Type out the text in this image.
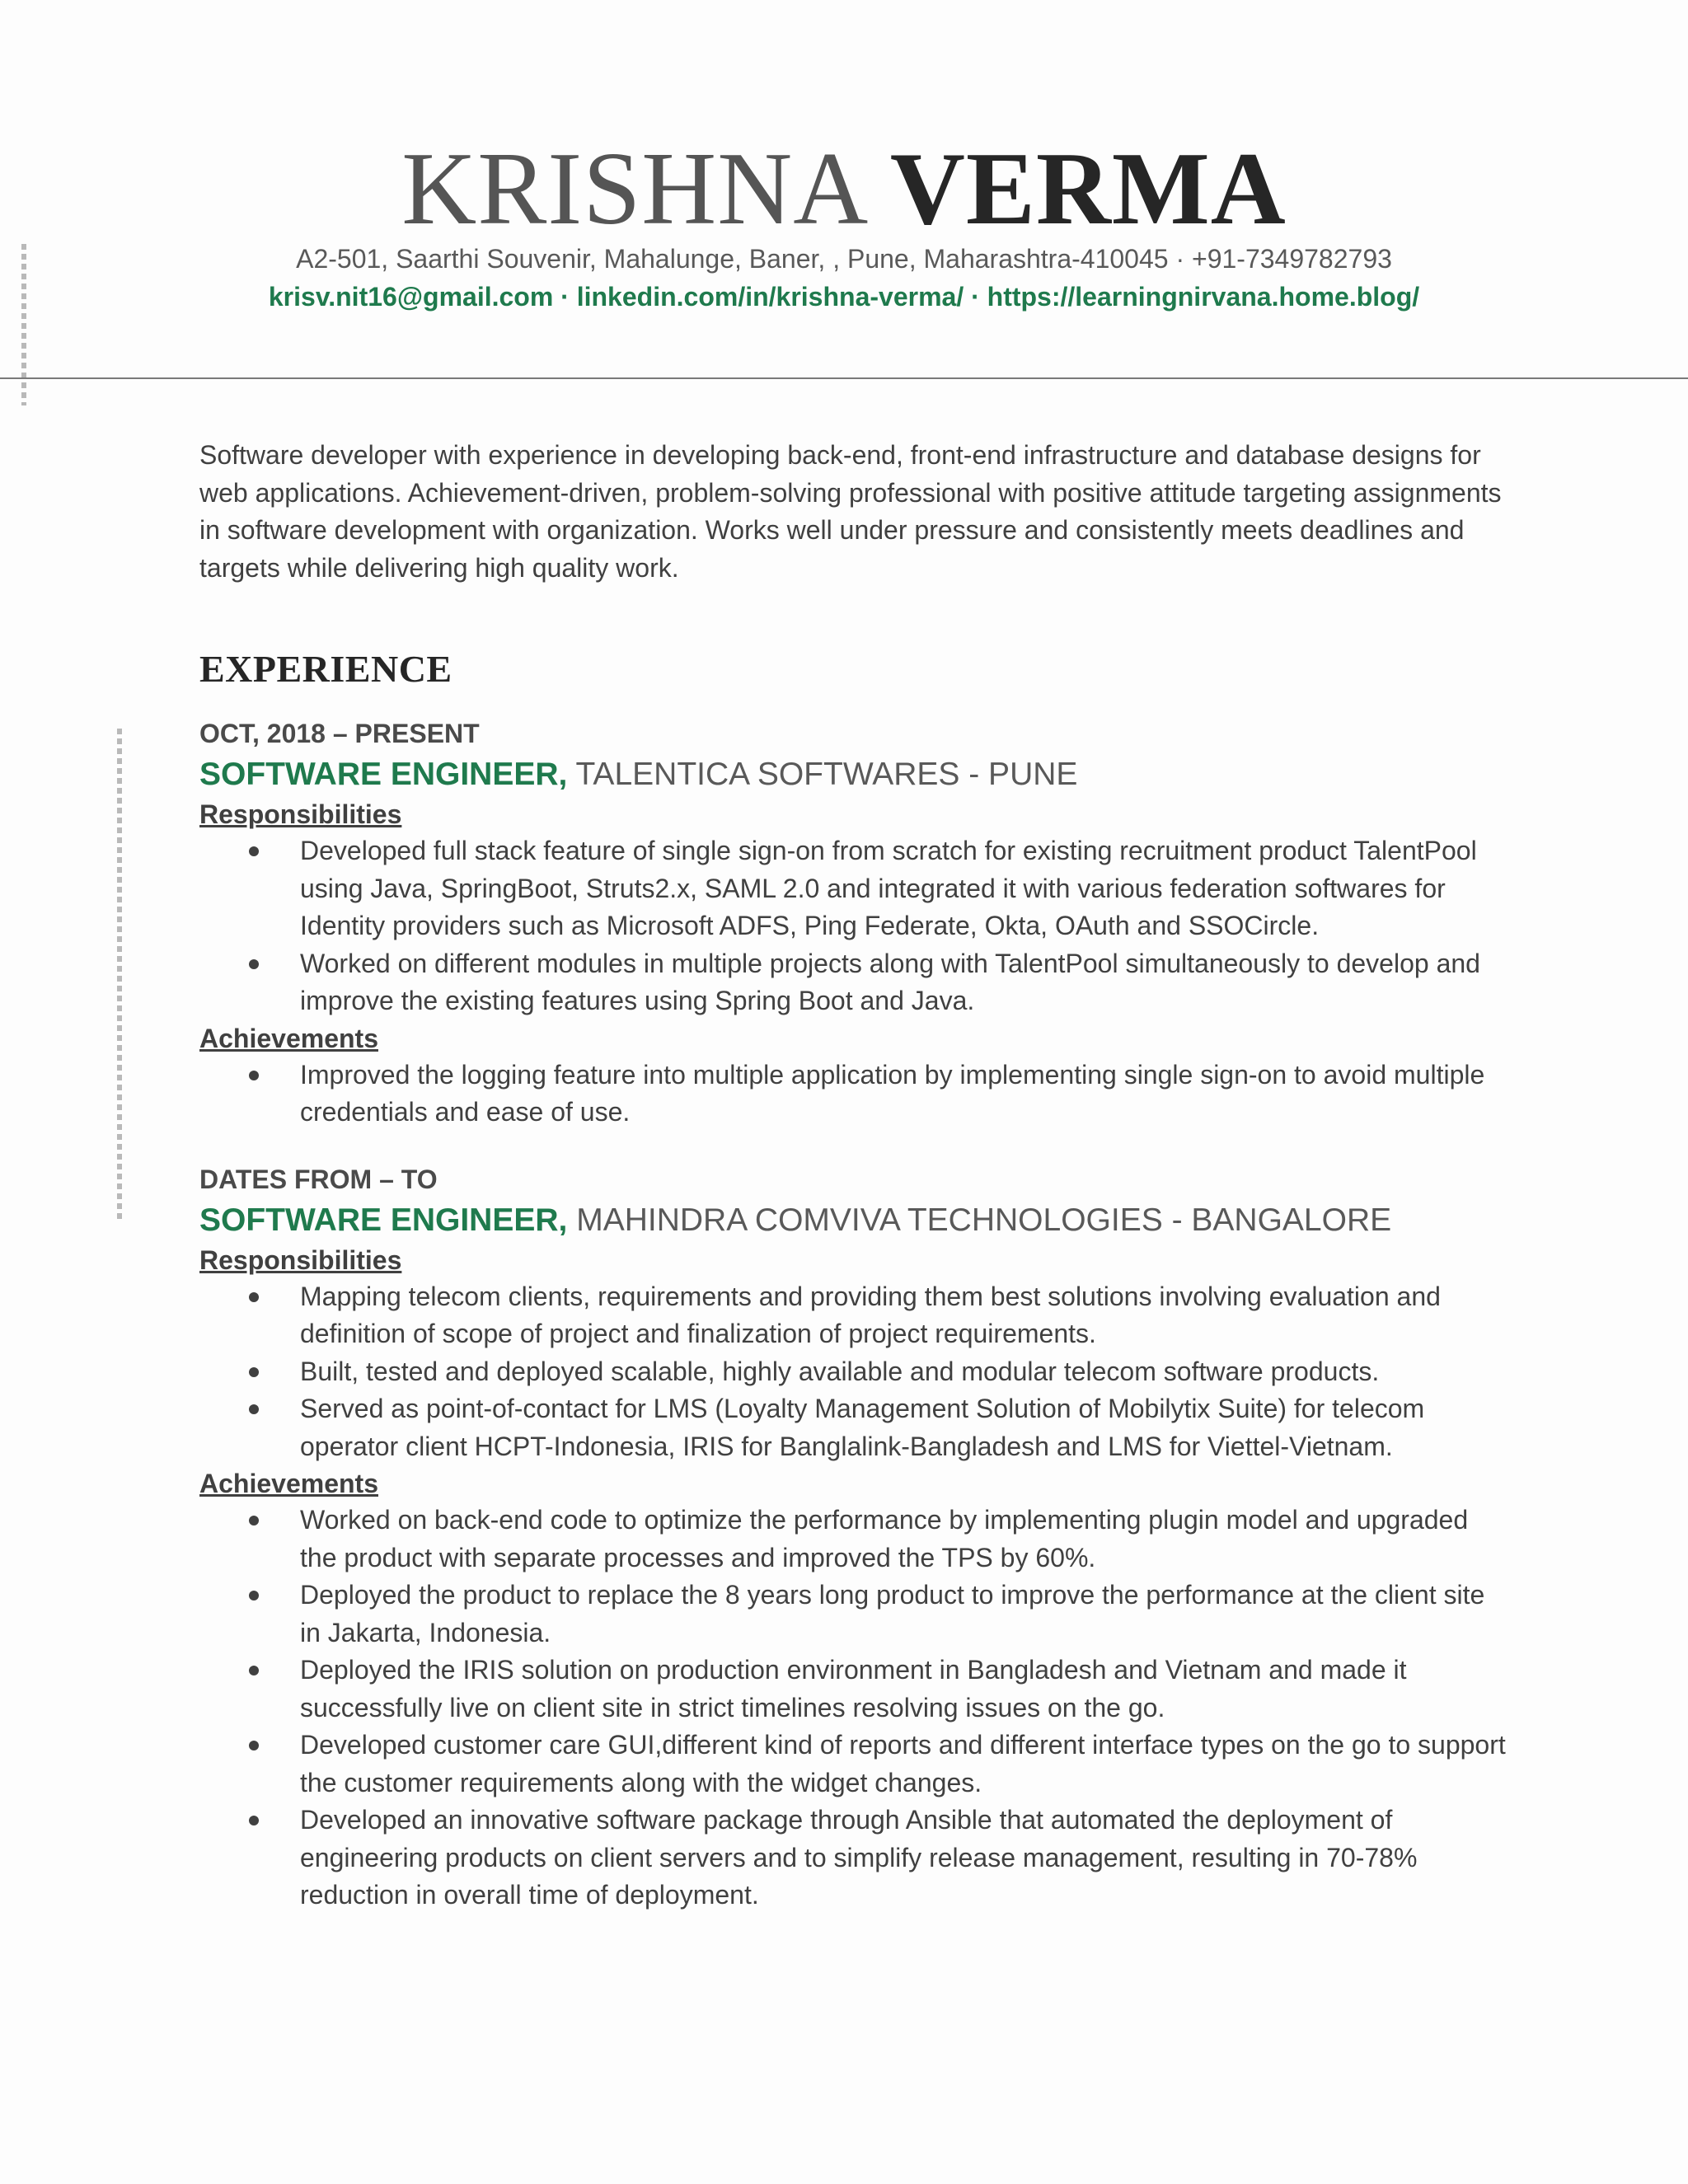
KRISHNA VERMA
A2-501, Saarthi Souvenir, Mahalunge, Baner, , Pune, Maharashtra-410045 · +91-7349782793
krisv.nit16@gmail.com · linkedin.com/in/krishna-verma/ · https://learningnirvana.home.blog/

Software developer with experience in developing back-end, front-end infrastructure and database designs for web applications. Achievement-driven, problem-solving professional with positive attitude targeting assignments in software development with organization. Works well under pressure and consistently meets deadlines and targets while delivering high quality work.

EXPERIENCE
OCT, 2018 – PRESENT
SOFTWARE ENGINEER, TALENTICA SOFTWARES - PUNE
Responsibilities
Developed full stack feature of single sign-on from scratch for existing recruitment product TalentPool using Java, SpringBoot, Struts2.x, SAML 2.0 and integrated it with various federation softwares for Identity providers such as Microsoft ADFS, Ping Federate, Okta, OAuth and SSOCircle.
Worked on different modules in multiple projects along with TalentPool simultaneously to develop and improve the existing features using Spring Boot and Java.
Achievements
Improved the logging feature into multiple application by implementing single sign-on to avoid multiple credentials and ease of use.
DATES FROM – TO
SOFTWARE ENGINEER, MAHINDRA COMVIVA TECHNOLOGIES - BANGALORE
Responsibilities
Mapping telecom clients, requirements and providing them best solutions involving evaluation and definition of scope of project and finalization of project requirements.
Built, tested and deployed scalable, highly available and modular telecom software products.
Served as point-of-contact for LMS (Loyalty Management Solution of Mobilytix Suite) for telecom operator client HCPT-Indonesia, IRIS for Banglalink-Bangladesh and LMS for Viettel-Vietnam.
Achievements
Worked on back-end code to optimize the performance by implementing plugin model and upgraded the product with separate processes and improved the TPS by 60%.
Deployed the product to replace the 8 years long product to improve the performance at the client site in Jakarta, Indonesia.
Deployed the IRIS solution on production environment in Bangladesh and Vietnam and made it successfully live on client site in strict timelines resolving issues on the go.
Developed customer care GUI,different kind of reports and different interface types on the go to support the customer requirements along with the widget changes.
Developed an innovative software package through Ansible that automated the deployment of engineering products on client servers and to simplify release management, resulting in 70-78% reduction in overall time of deployment.
